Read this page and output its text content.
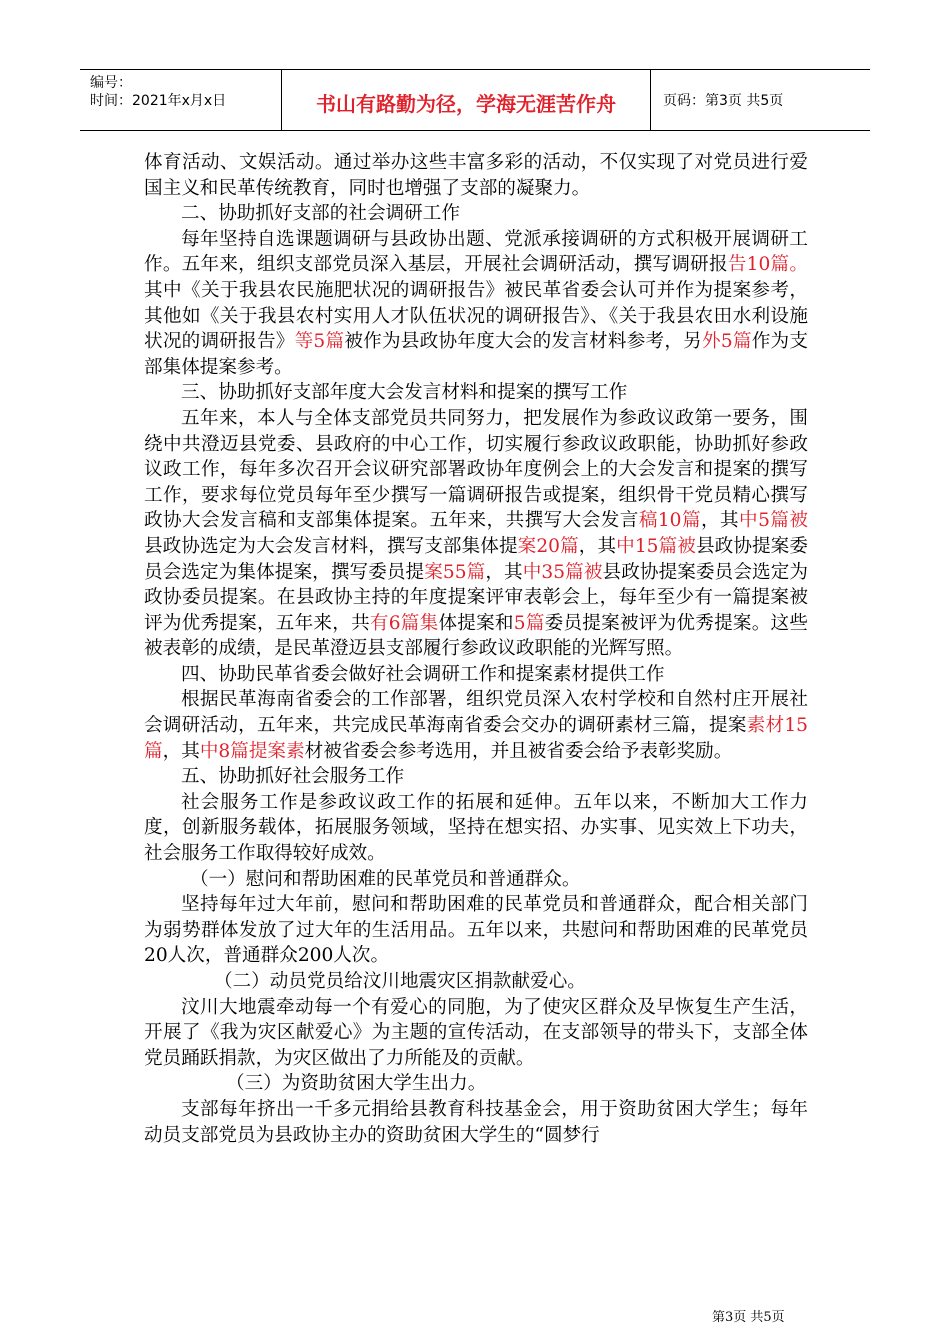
编号：
时间：2021年x月x日	书山有路勤为径，学海无涯苦作舟	页码：第3页 共5页

体育活动、文娱活动。通过举办这些丰富多彩的活动，不仅实现了对党员进行爱国主义和民革传统教育，同时也增强了支部的凝聚力。

二、协助抓好支部的社会调研工作

每年坚持自选课题调研与县政协出题、党派承接调研的方式积极开展调研工作。五年来，组织支部党员深入基层，开展社会调研活动，撰写调研报告10篇。其中《关于我县农民施肥状况的调研报告》被民革省委会认可并作为提案参考，其他如《关于我县农村实用人才队伍状况的调研报告》、《关于我县农田水利设施状况的调研报告》等5篇被作为县政协年度大会的发言材料参考，另外5篇作为支部集体提案参考。

三、协助抓好支部年度大会发言材料和提案的撰写工作

五年来，本人与全体支部党员共同努力，把发展作为参政议政第一要务，围绕中共澄迈县党委、县政府的中心工作，切实履行参政议政职能，协助抓好参政议政工作，每年多次召开会议研究部署政协年度例会上的大会发言和提案的撰写工作，要求每位党员每年至少撰写一篇调研报告或提案，组织骨干党员精心撰写政协大会发言稿和支部集体提案。五年来，共撰写大会发言稿10篇，其中5篇被县政协选定为大会发言材料，撰写支部集体提案20篇，其中15篇被县政协提案委员会选定为集体提案，撰写委员提案55篇，其中35篇被县政协提案委员会选定为政协委员提案。在县政协主持的年度提案评审表彰会上，每年至少有一篇提案被评为优秀提案，五年来，共有6篇集体提案和5篇委员提案被评为优秀提案。这些被表彰的成绩，是民革澄迈县支部履行参政议政职能的光辉写照。

四、协助民革省委会做好社会调研工作和提案素材提供工作

根据民革海南省委会的工作部署，组织党员深入农村学校和自然村庄开展社会调研活动，五年来，共完成民革海南省委会交办的调研素材三篇，提案素材15篇，其中8篇提案素材被省委会参考选用，并且被省委会给予表彰奖励。

五、协助抓好社会服务工作

社会服务工作是参政议政工作的拓展和延伸。五年以来，不断加大工作力度，创新服务载体，拓展服务领域，坚持在想实招、办实事、见实效上下功夫，社会服务工作取得较好成效。

（一）慰问和帮助困难的民革党员和普通群众。

坚持每年过大年前，慰问和帮助困难的民革党员和普通群众，配合相关部门为弱势群体发放了过大年的生活用品。五年以来，共慰问和帮助困难的民革党员20人次，普通群众200人次。

（二）动员党员给汶川地震灾区捐款献爱心。

汶川大地震牵动每一个有爱心的同胞，为了使灾区群众及早恢复生产生活，开展了《我为灾区献爱心》为主题的宣传活动，在支部领导的带头下，支部全体党员踊跃捐款，为灾区做出了力所能及的贡献。

（三）为资助贫困大学生出力。

支部每年挤出一千多元捐给县教育科技基金会，用于资助贫困大学生；每年动员支部党员为县政协主办的资助贫困大学生的“圆梦行

第3页 共5页
